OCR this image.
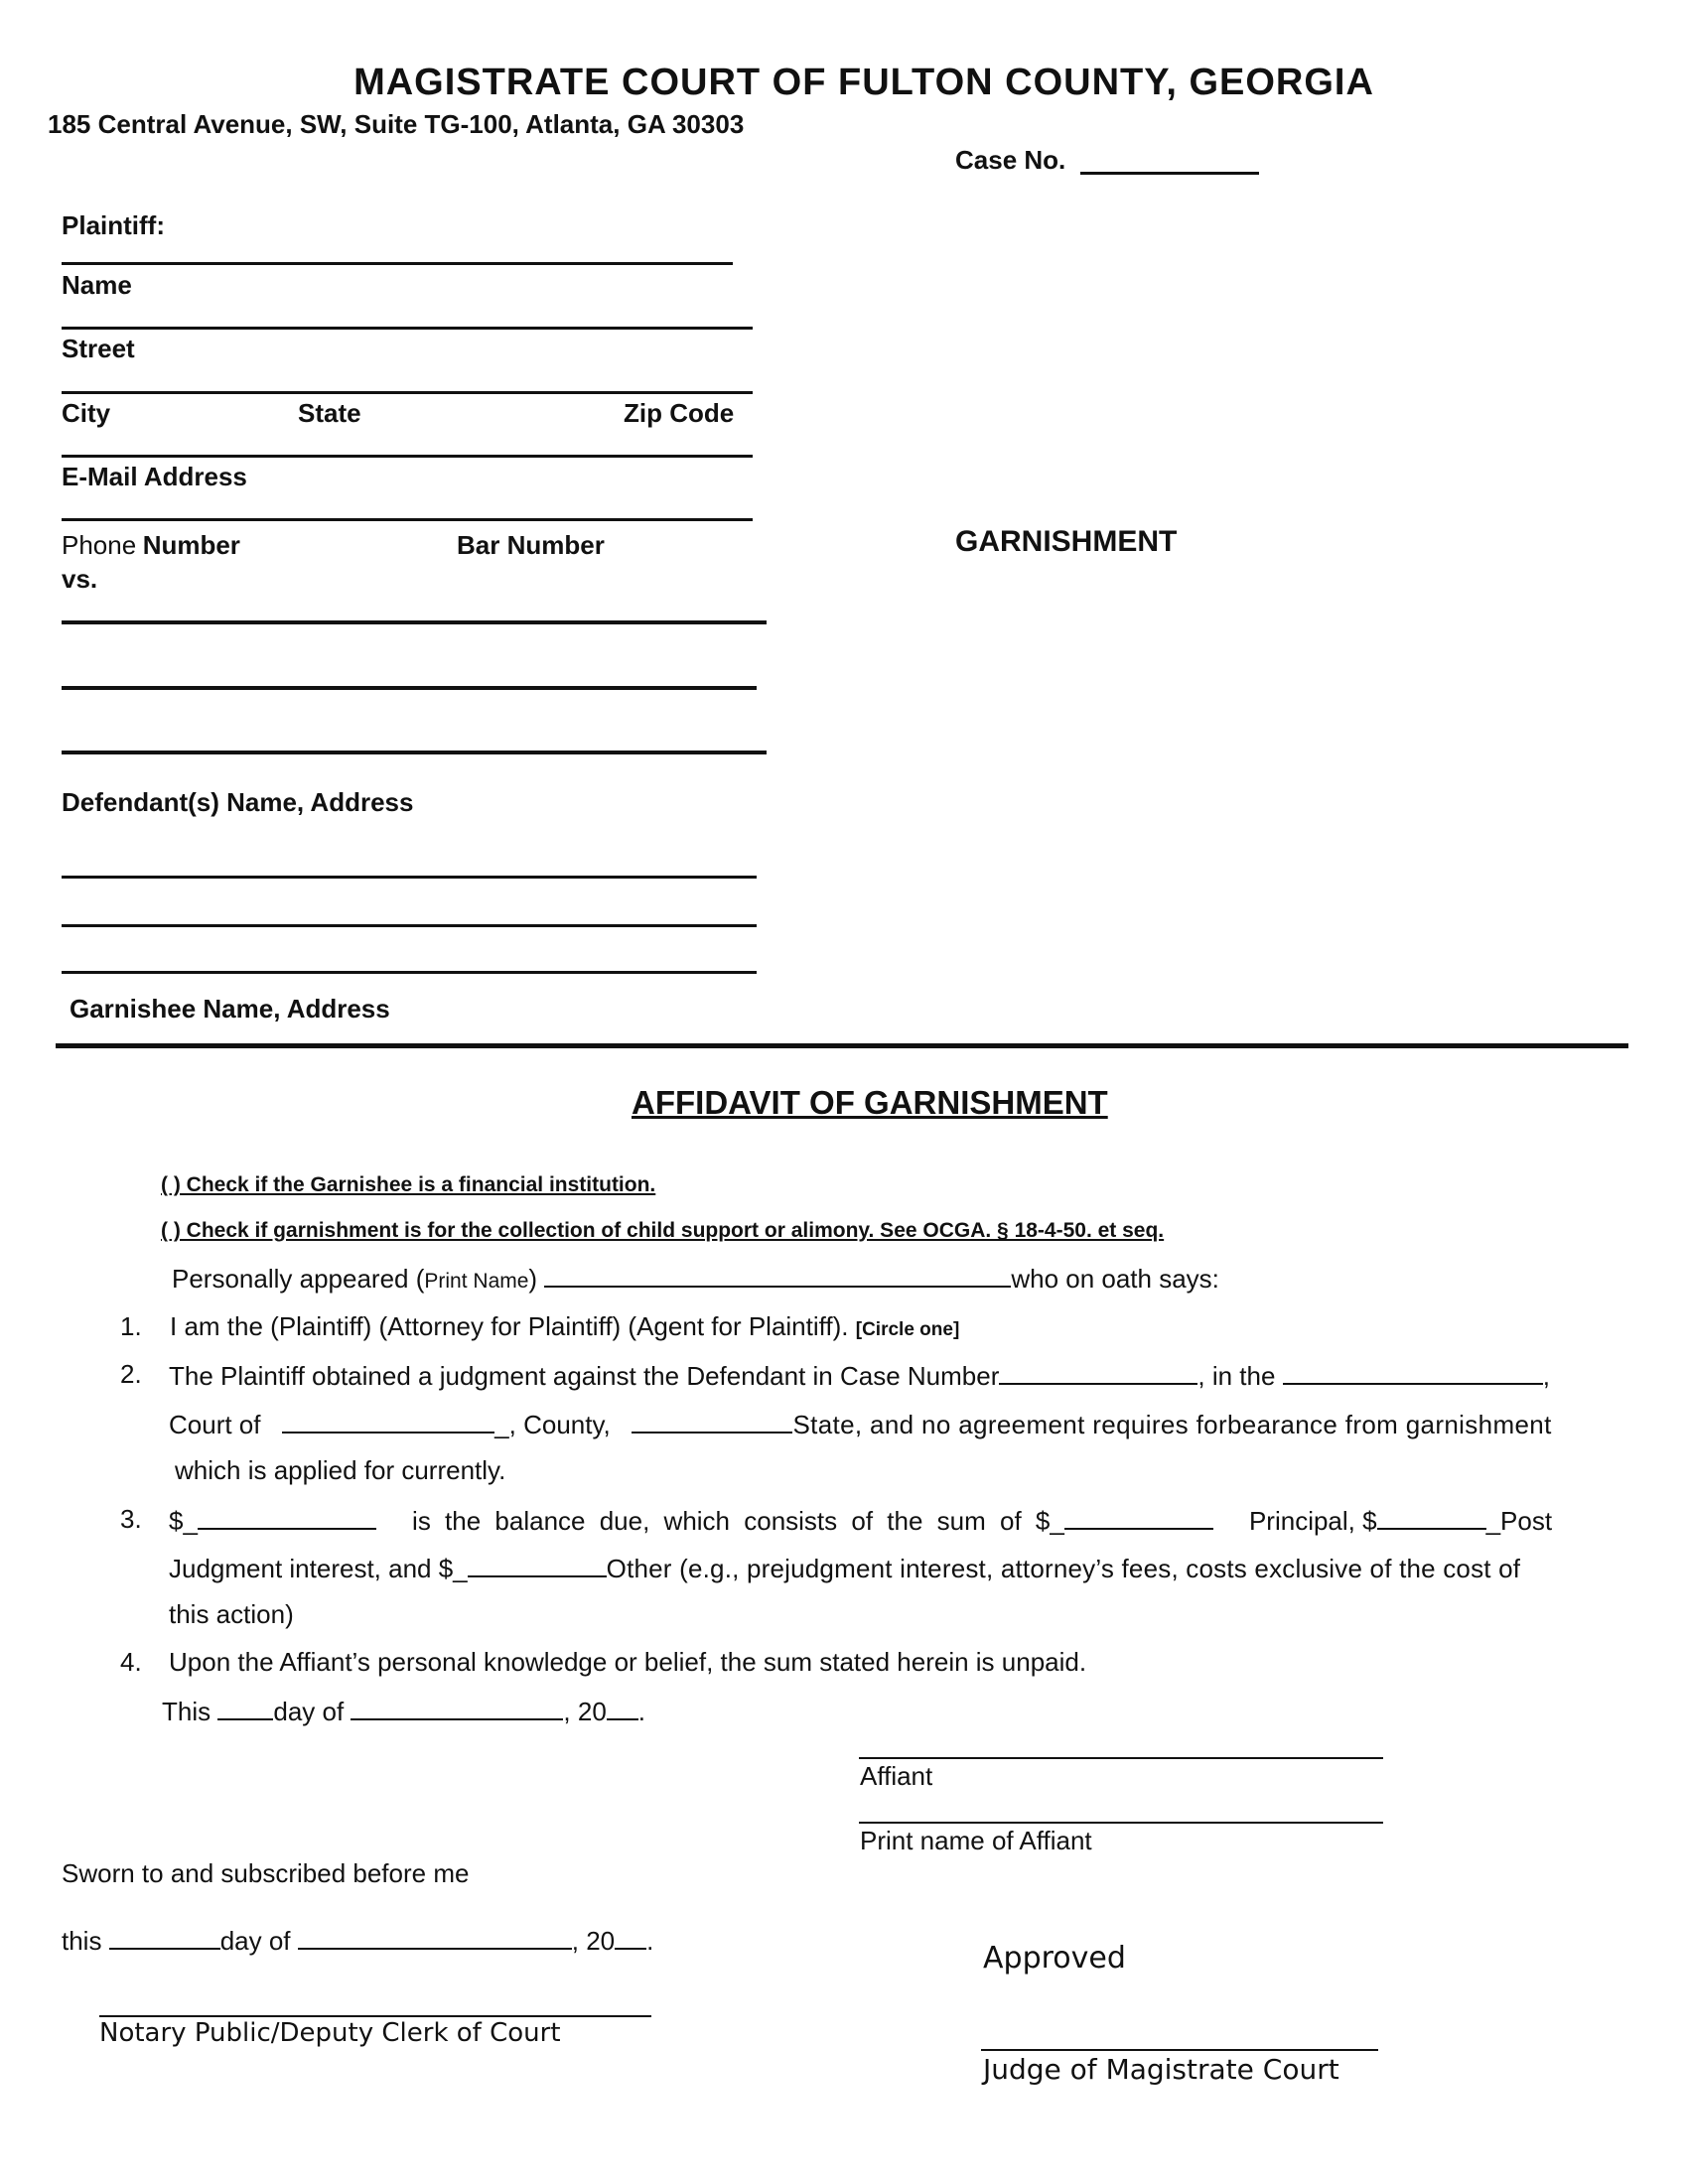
MAGISTRATE COURT OF FULTON COUNTY, GEORGIA
185 Central Avenue, SW, Suite TG-100, Atlanta, GA 30303
Case No.
Plaintiff:
Name
Street
City	State	Zip Code
E-Mail Address
Phone Number	Bar Number
vs.
GARNISHMENT
Defendant(s) Name, Address
Garnishee Name, Address
AFFIDAVIT OF GARNISHMENT
( ) Check if the Garnishee is a financial institution.
( ) Check if garnishment is for the collection of child support or alimony. See OCGA. § 18-4-50. et seq.
Personally appeared (Print Name)	who on oath says:
1. I am the (Plaintiff) (Attorney for Plaintiff) (Agent for Plaintiff). [Circle one]
2. The Plaintiff obtained a judgment against the Defendant in Case Number	, in the	,
Court of	_, County,	State, and no agreement requires forbearance from garnishment
which is applied for currently.
3. $_	is the balance due, which consists of the sum of $_	Principal, $	_Post
Judgment interest, and $_	Other (e.g., prejudgment interest, attorney’s fees, costs exclusive of the cost of
this action)
4. Upon the Affiant’s personal knowledge or belief, the sum stated herein is unpaid.
This day of	, 20 .
Affiant
Print name of Affiant
Sworn to and subscribed before me
this	day of	, 20 .	Approved
Notary Public/Deputy Clerk of Court
Judge of Magistrate Court
